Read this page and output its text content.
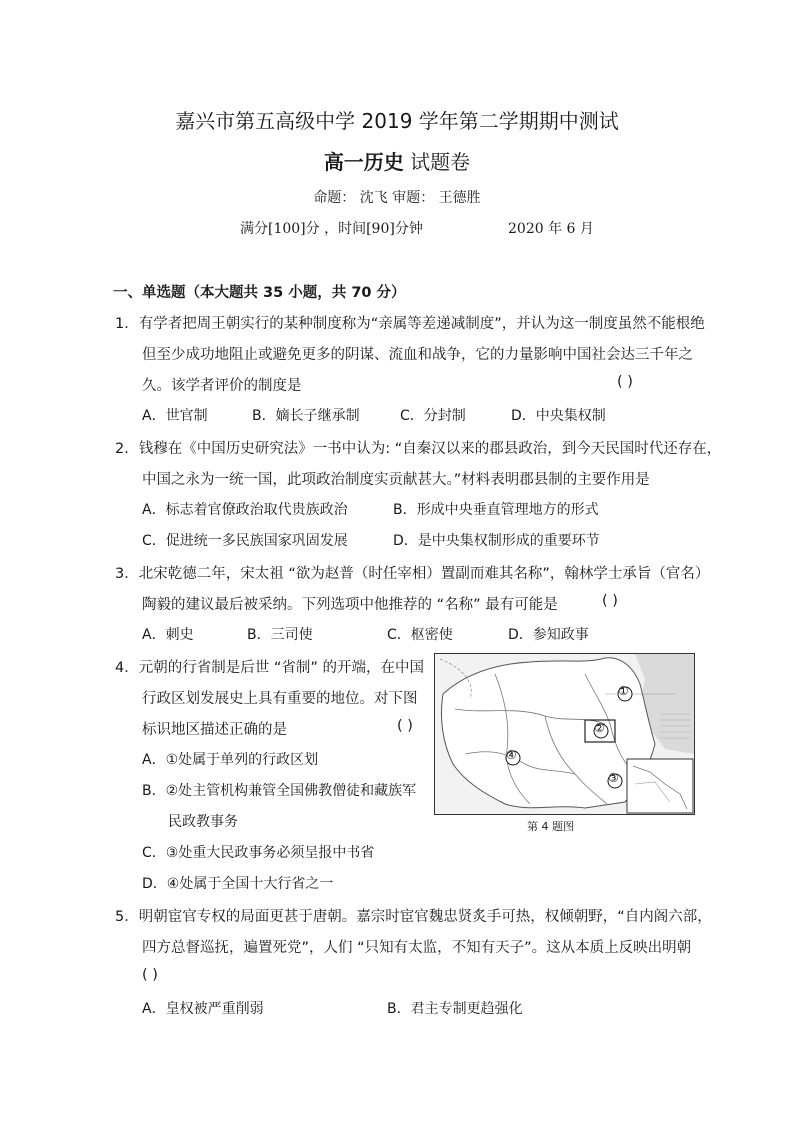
嘉兴市第五高级中学 2019 学年第二学期期中测试
高一历史 试题卷
命题： 沈飞 审题： 王德胜
满分[100]分 ，时间[90]分钟	2020 年 6 月
一、单选题（本大题共 35 小题，共 70 分）
1．有学者把周王朝实行的某种制度称为“亲属等差递减制度”，并认为这一制度虽然不能根绝
但至少成功地阻止或避免更多的阴谋、流血和战争，它的力量影响中国社会达三千年之
久。该学者评价的制度是	( )
A．世官制	B．嫡长子继承制	C．分封制	D．中央集权制
2．钱穆在《中国历史研究法》一书中认为: “自秦汉以来的郡县政治，到今天民国时代还存在，
中国之永为一统一国，此项政治制度实贡献甚大。”材料表明郡县制的主要作用是
A．标志着官僚政治取代贵族政治	B．形成中央垂直管理地方的形式
C．促进统一多民族国家巩固发展	D．是中央集权制形成的重要环节
3．北宋乾德二年，宋太祖 “欲为赵普（时任宰相）置副而难其名称”，翰林学士承旨（官名）
陶毅的建议最后被采纳。下列选项中他推荐的 “名称” 最有可能是	( )
A．刺史	B．三司使	C．枢密使	D．参知政事
4．元朝的行省制是后世 “省制” 的开端，在中国
行政区划发展史上具有重要的地位。对下图
标识地区描述正确的是	( )
A．①处属于单列的行政区划
B．②处主管机构兼管全国佛教僧徒和藏族军
民政教事务
C．③处重大民政事务必须呈报中书省
D．④处属于全国十大行省之一
①
②
③
④
第 4 题图
5．明朝宦官专权的局面更甚于唐朝。嘉宗时宦官魏忠贤炙手可热，权倾朝野，“自内阁六部，
四方总督巡抚，遍置死党”，人们 “只知有太监，不知有天子”。这从本质上反映出明朝
( )
A．皇权被严重削弱	B．君主专制更趋强化
